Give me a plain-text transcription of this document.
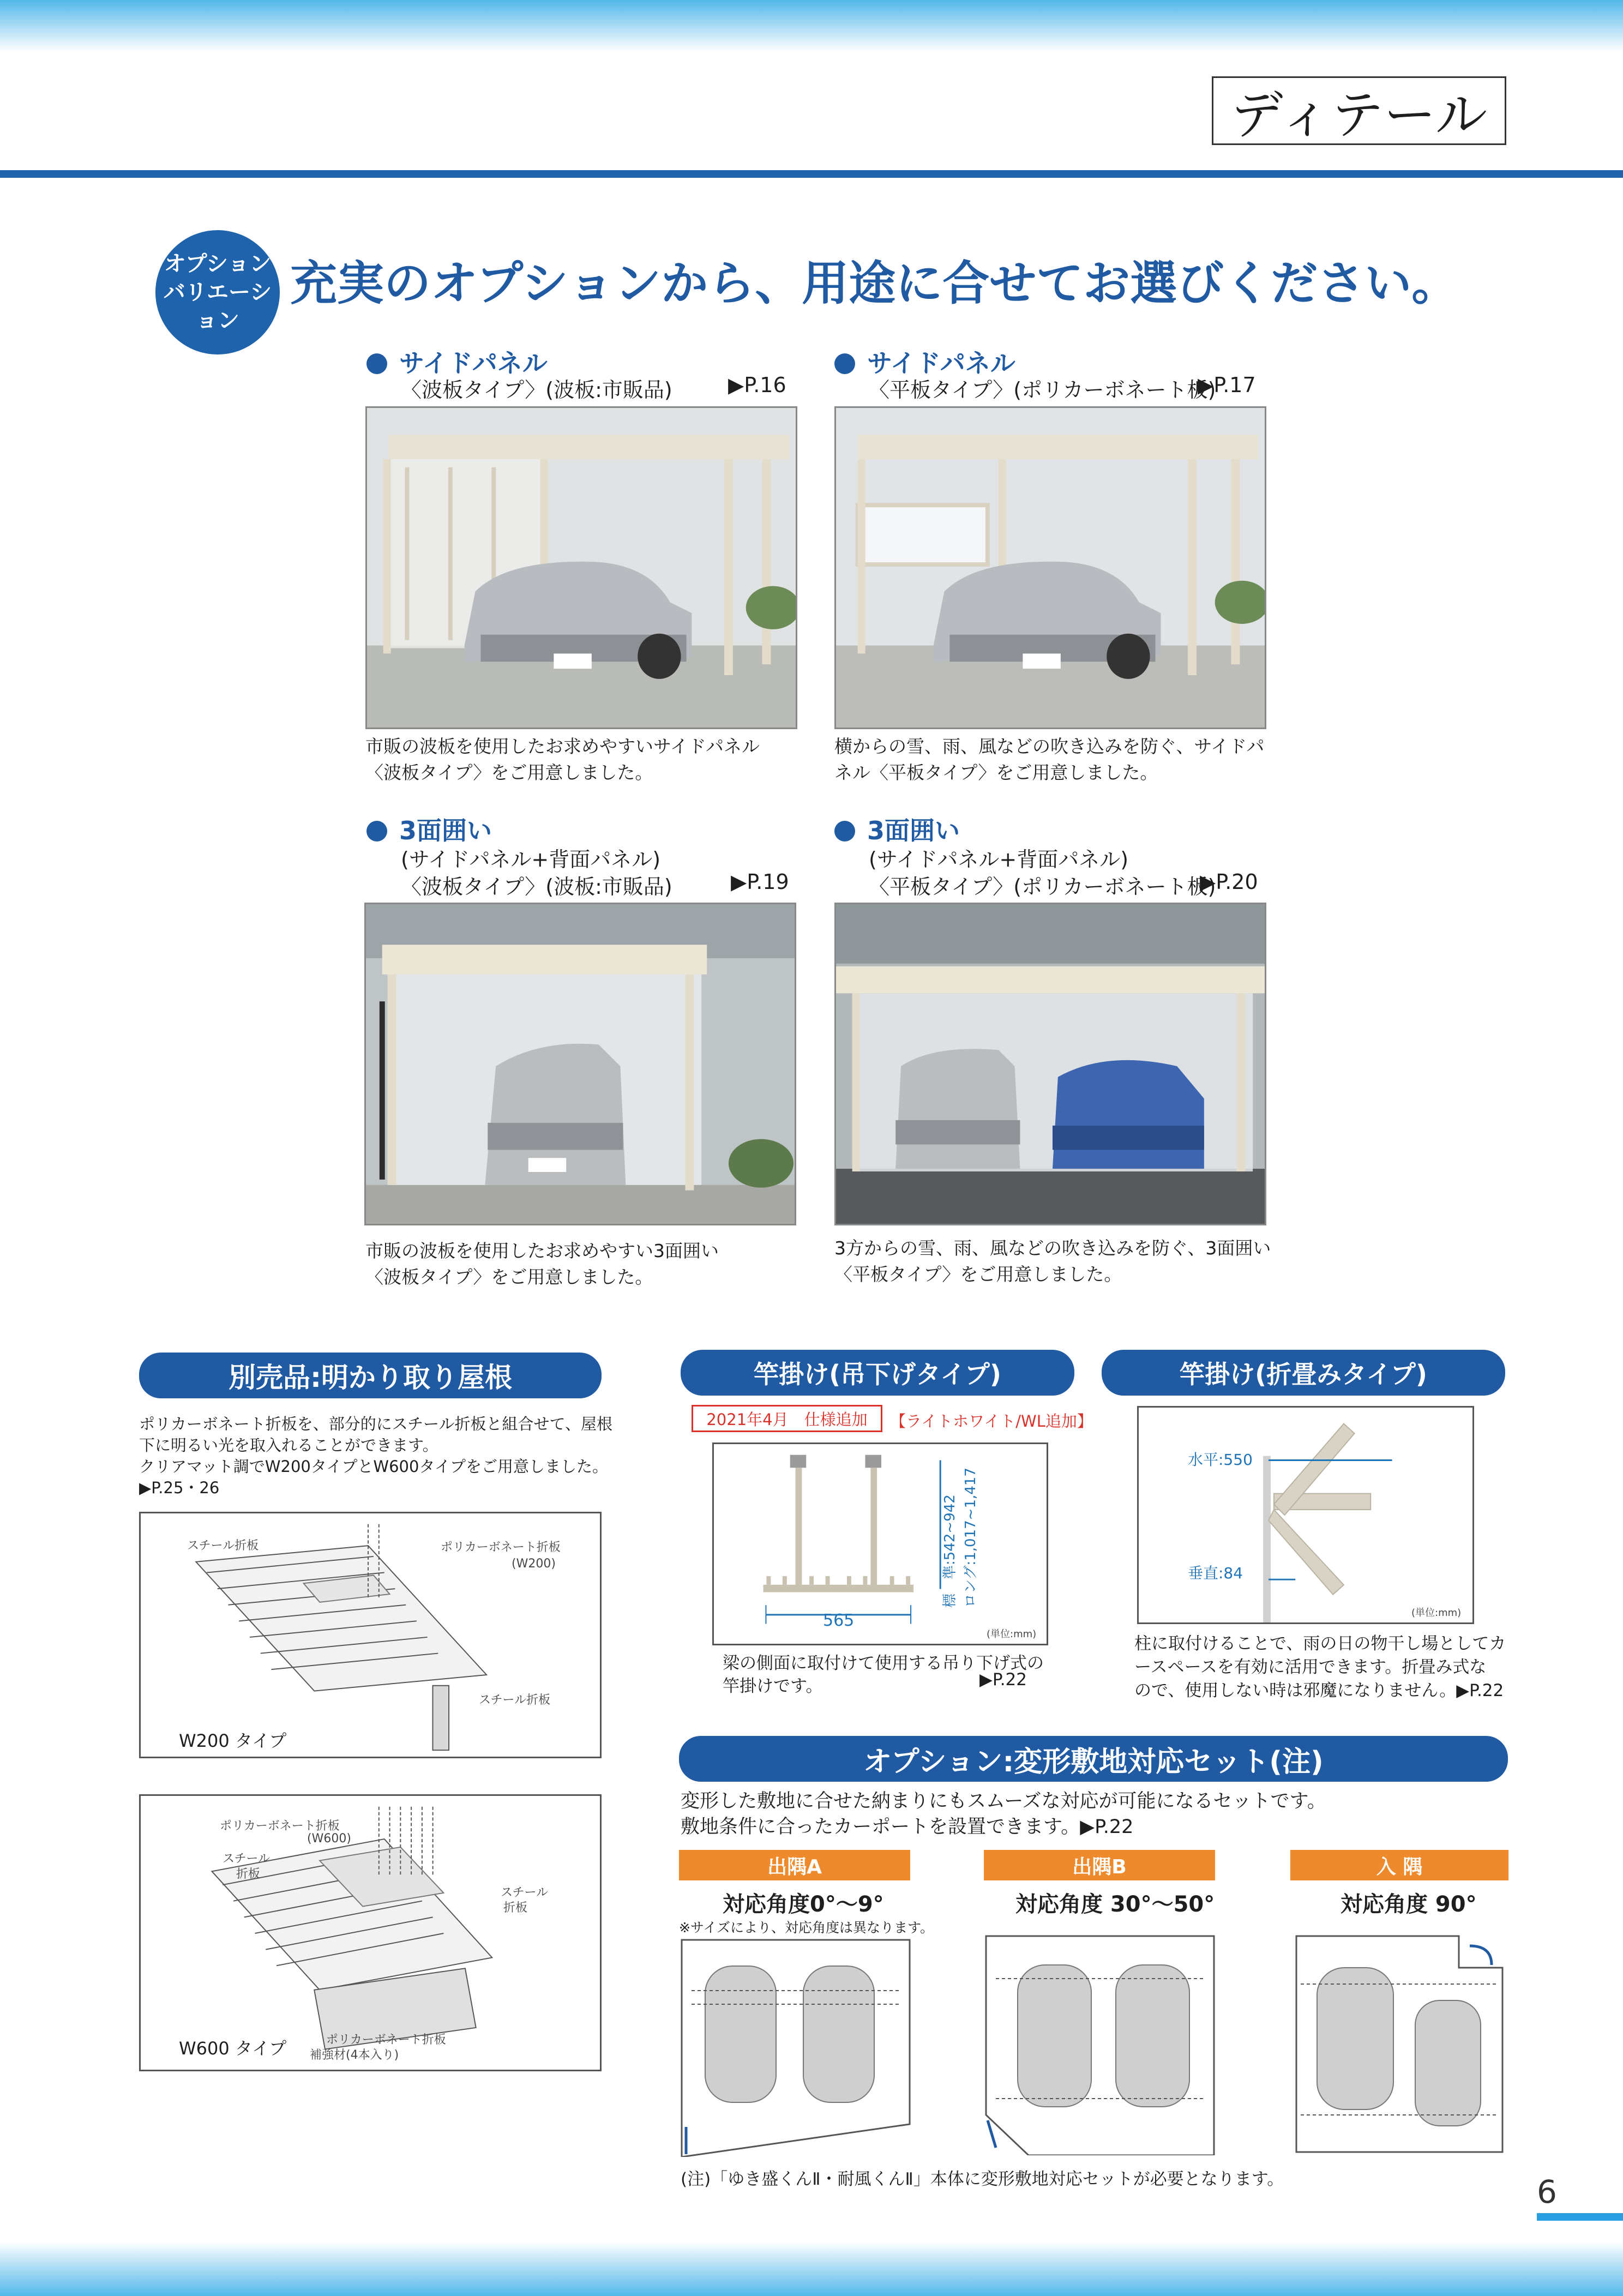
ディテール
オプション
バリエーション
充実のオプションから、用途に合せてお選びください。
サイドパネル
〈波板タイプ〉(波板:市販品)	▶P.16
市販の波板を使用したお求めやすいサイドパネル
〈波板タイプ〉をご用意しました。
サイドパネル
〈平板タイプ〉(ポリカーボネート板)
▶P.17
横からの雪、雨、風などの吹き込みを防ぐ、サイドパ
ネル〈平板タイプ〉をご用意しました。
3面囲い
(サイドパネル+背面パネル)
〈波板タイプ〉(波板:市販品)	▶P.19
市販の波板を使用したお求めやすい3面囲い
〈波板タイプ〉をご用意しました。
3面囲い
(サイドパネル+背面パネル)
〈平板タイプ〉(ポリカーボネート板)
▶P.20
3方からの雪、雨、風などの吹き込みを防ぐ、3面囲い
〈平板タイプ〉をご用意しました。
別売品:明かり取り屋根
ポリカーボネート折板を、部分的にスチール折板と組合せて、屋根
下に明るい光を取入れることができます。
クリアマット調でW200タイプとW600タイプをご用意しました。
▶P.25・26
スチール折板	ポリカーボネート折板
(W200)
スチール折板
W200 タイプ
ポリカーボネート折板
(W600)
スチール
折板
スチール
折板
ポリカーボネート折板
補強材(4本入り)
W600 タイプ
竿掛け(吊下げタイプ)
2021年4月　仕様追加	【ライトホワイト/WL追加】
565
標　準:542~942 ロング:1,017~1,417
(単位:mm)
梁の側面に取付けて使用する吊り下げ式の
竿掛けです。	▶P.22
竿掛け(折畳みタイプ)
水平:550
垂直:84
(単位:mm)
柱に取付けることで、雨の日の物干し場としてカ
ースペースを有効に活用できます。折畳み式な
ので、使用しない時は邪魔になりません。▶P.22
オプション:変形敷地対応セット(注)
変形した敷地に合せた納まりにもスムーズな対応が可能になるセットです。
敷地条件に合ったカーポートを設置できます。▶P.22
出隅A
対応角度0°〜9°
※サイズにより、対応角度は異なります。
出隅B
対応角度 30°〜50°
入 隅
対応角度 90°
(注)「ゆき盛くんⅡ・耐風くんⅡ」本体に変形敷地対応セットが必要となります。	6
